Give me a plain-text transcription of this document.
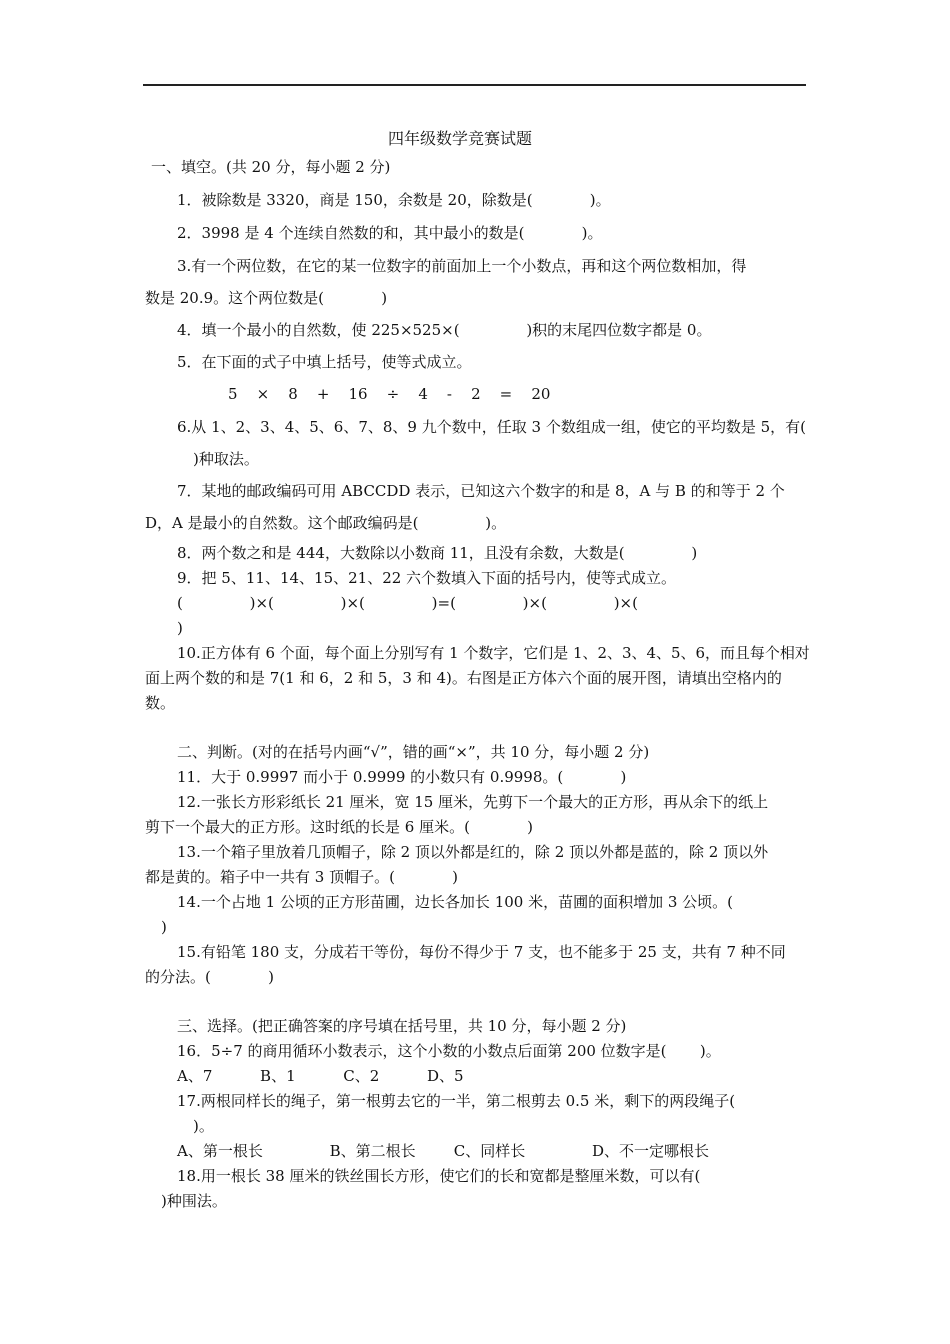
四年级数学竞赛试题
一、填空。(共 20 分，每小题 2 分)
1．被除数是 3320，商是 150，余数是 20，除数是(            )。
2．3998 是 4 个连续自然数的和，其中最小的数是(            )。
3.有一个两位数，在它的某一位数字的前面加上一个小数点，再和这个两位数相加，得
数是 20.9。这个两位数是(            )
4．填一个最小的自然数，使 225×525×(              )积的末尾四位数字都是 0。
5．在下面的式子中填上括号，使等式成立。
5    ×    8    +    16    ÷    4    -    2    =    20
6.从 1、2、3、4、5、6、7、8、9 九个数中，任取 3 个数组成一组，使它的平均数是 5，有(
)种取法。
7．某地的邮政编码可用 ABCCDD 表示，已知这六个数字的和是 8，A 与 B 的和等于 2 个
D，A 是最小的自然数。这个邮政编码是(              )。
8．两个数之和是 444，大数除以小数商 11，且没有余数，大数是(              )
9．把 5、11、14、15、21、22 六个数填入下面的括号内，使等式成立。
(              )×(              )×(              )=(              )×(              )×(
)
10.正方体有 6 个面，每个面上分别写有 1 个数字，它们是 1、2、3、4、5、6，而且每个相对
面上两个数的和是 7(1 和 6，2 和 5，3 和 4)。右图是正方体六个面的展开图，请填出空格内的
数。
二、判断。(对的在括号内画“√”，错的画“×”，共 10 分，每小题 2 分)
11．大于 0.9997 而小于 0.9999 的小数只有 0.9998。(            )
12.一张长方形彩纸长 21 厘米，宽 15 厘米，先剪下一个最大的正方形，再从余下的纸上
剪下一个最大的正方形。这时纸的长是 6 厘米。(            )
13.一个箱子里放着几顶帽子，除 2 顶以外都是红的，除 2 顶以外都是蓝的，除 2 顶以外
都是黄的。箱子中一共有 3 顶帽子。(            )
14.一个占地 1 公顷的正方形苗圃，边长各加长 100 米，苗圃的面积增加 3 公顷。(
)
15.有铅笔 180 支，分成若干等份，每份不得少于 7 支，也不能多于 25 支，共有 7 种不同
的分法。(            )
三、选择。(把正确答案的序号填在括号里，共 10 分，每小题 2 分)
16．5÷7 的商用循环小数表示，这个小数的小数点后面第 200 位数字是(       )。
A、7          B、1          C、2          D、5
17.两根同样长的绳子，第一根剪去它的一半，第二根剪去 0.5 米，剩下的两段绳子(
)。
A、第一根长              B、第二根长        C、同样长              D、不一定哪根长
18.用一根长 38 厘米的铁丝围长方形，使它们的长和宽都是整厘米数，可以有(
)种围法。
